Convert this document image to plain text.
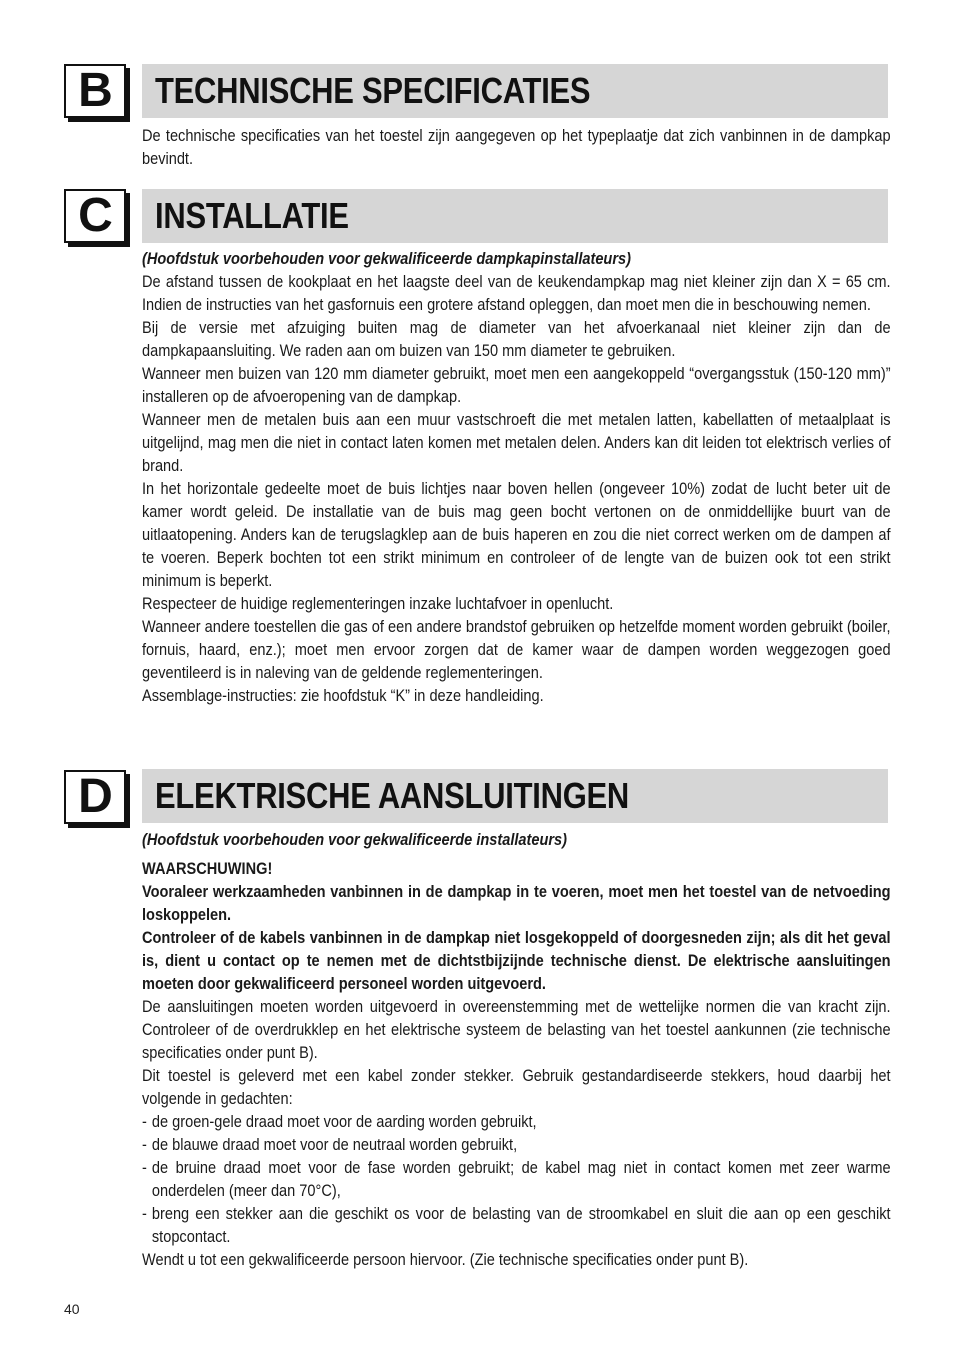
B	TECHNISCHE SPECIFICATIES

De technische specificaties van het toestel zijn aangegeven op het typeplaatje dat zich vanbinnen in de dampkap bevindt.

C	INSTALLATIE

(Hoofdstuk voorbehouden voor gekwalificeerde dampkapinstallateurs)

De afstand tussen de kookplaat en het laagste deel van de keukendampkap mag niet kleiner zijn dan X = 65 cm. Indien de instructies van het gasfornuis een grotere afstand opleggen, dan moet men die in beschouwing nemen.

Bij de versie met afzuiging buiten mag de diameter van het afvoerkanaal niet kleiner zijn dan de dampkapaansluiting. We raden aan om buizen van 150 mm diameter te gebruiken.

Wanneer men buizen van 120 mm diameter gebruikt, moet men een aangekoppeld “overgangsstuk (150-120 mm)” installeren op de afvoeropening van de dampkap.

Wanneer men de metalen buis aan een muur vastschroeft die met metalen latten, kabellatten of metaalplaat is uitgelijnd, mag men die niet in contact laten komen met metalen delen. Anders kan dit leiden tot elektrisch verlies of brand.

In het horizontale gedeelte moet de buis lichtjes naar boven hellen (ongeveer 10%) zodat de lucht beter uit de kamer wordt geleid. De installatie van de buis mag geen bocht vertonen on de onmiddellijke buurt van de uitlaatopening. Anders kan de terugslagklep aan de buis haperen en zou die niet correct werken om de dampen af te voeren. Beperk bochten tot een strikt minimum en controleer of de lengte van de buizen ook tot een strikt minimum is beperkt.

Respecteer de huidige reglementeringen inzake luchtafvoer in openlucht.

Wanneer andere toestellen die gas of een andere brandstof gebruiken op hetzelfde moment worden gebruikt (boiler, fornuis, haard, enz.); moet men ervoor zorgen dat de kamer waar de dampen worden weggezogen goed geventileerd is in naleving van de geldende reglementeringen.

Assemblage-instructies: zie hoofdstuk “K” in deze handleiding.

D	ELEKTRISCHE AANSLUITINGEN

(Hoofdstuk voorbehouden voor gekwalificeerde installateurs)

WAARSCHUWING!

Vooraleer werkzaamheden vanbinnen in de dampkap in te voeren, moet men het toestel van de netvoeding loskoppelen.

Controleer of de kabels vanbinnen in de dampkap niet losgekoppeld of doorgesneden zijn; als dit het geval is, dient u contact op te nemen met de dichtstbijzijnde technische dienst. De elektrische aansluitingen moeten door gekwalificeerd personeel worden uitgevoerd.

De aansluitingen moeten worden uitgevoerd in overeenstemming met de wettelijke normen die van kracht zijn. Controleer of de overdrukklep en het elektrische systeem de belasting van het toestel aankunnen (zie technische specificaties onder punt B).

Dit toestel is geleverd met een kabel zonder stekker. Gebruik gestandardiseerde stekkers, houd daarbij het volgende in gedachten:

- de groen-gele draad moet voor de aarding worden gebruikt,
- de blauwe draad moet voor de neutraal worden gebruikt,
- de bruine draad moet voor de fase worden gebruikt; de kabel mag niet in contact komen met zeer warme onderdelen (meer dan 70°C),
- breng een stekker aan die geschikt os voor de belasting van de stroomkabel en sluit die aan op een geschikt stopcontact.

Wendt u tot een gekwalificeerde persoon hiervoor. (Zie technische specificaties onder punt B).

40
